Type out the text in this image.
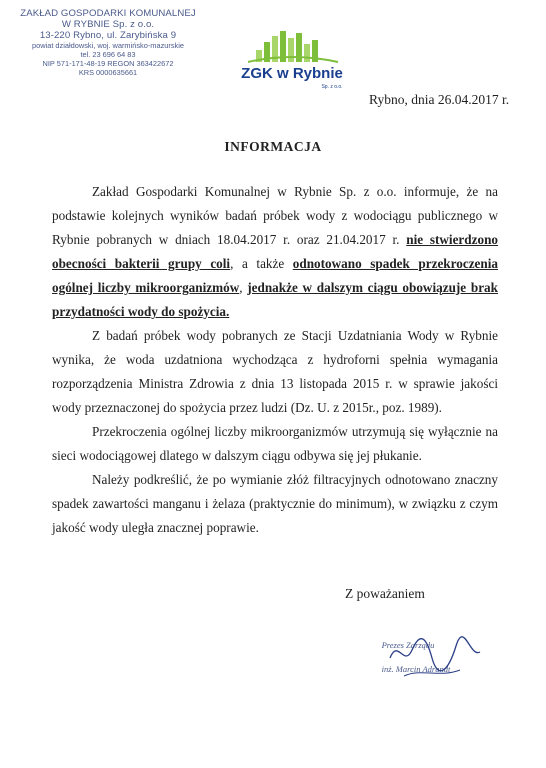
ZAKŁAD GOSPODARKI KOMUNALNEJ
W RYBNIE Sp. z o.o.
13-220 Rybno, ul. Zarybińska 9
powiat działdowski, woj. warmińsko-mazurskie
tel. 23 696 64 83
NIP 571-171-48-19 REGON 363422672
KRS 0000635661	ZGK w Rybnie
Sp. z o.o.
Rybno, dnia 26.04.2017 r.
INFORMACJA

Zakład Gospodarki Komunalnej w Rybnie Sp. z o.o. informuje, że na podstawie kolejnych wyników badań próbek wody z wodociągu publicznego w Rybnie pobranych w dniach 18.04.2017 r. oraz 21.04.2017 r. nie stwierdzono obecności bakterii grupy coli, a także odnotowano spadek przekroczenia ogólnej liczby mikroorganizmów, jednakże w dalszym ciągu obowiązuje brak przydatności wody do spożycia.

Z badań próbek wody pobranych ze Stacji Uzdatniania Wody w Rybnie wynika, że woda uzdatniona wychodząca z hydroforni spełnia wymagania rozporządzenia Ministra Zdrowia z dnia 13 listopada 2015 r. w sprawie jakości wody przeznaczonej do spożycia przez ludzi (Dz. U. z 2015r., poz. 1989).

Przekroczenia ogólnej liczby mikroorganizmów utrzymują się wyłącznie na sieci wodociągowej dlatego w dalszym ciągu odbywa się jej płukanie.

Należy podkreślić, że po wymianie złóż filtracyjnych odnotowano znaczny spadek zawartości manganu i żelaza (praktycznie do minimum), w związku z czym jakość wody uległa znacznej poprawie.

Z poważaniem
Prezes Zarządu
inż. Marcin Adrandt
